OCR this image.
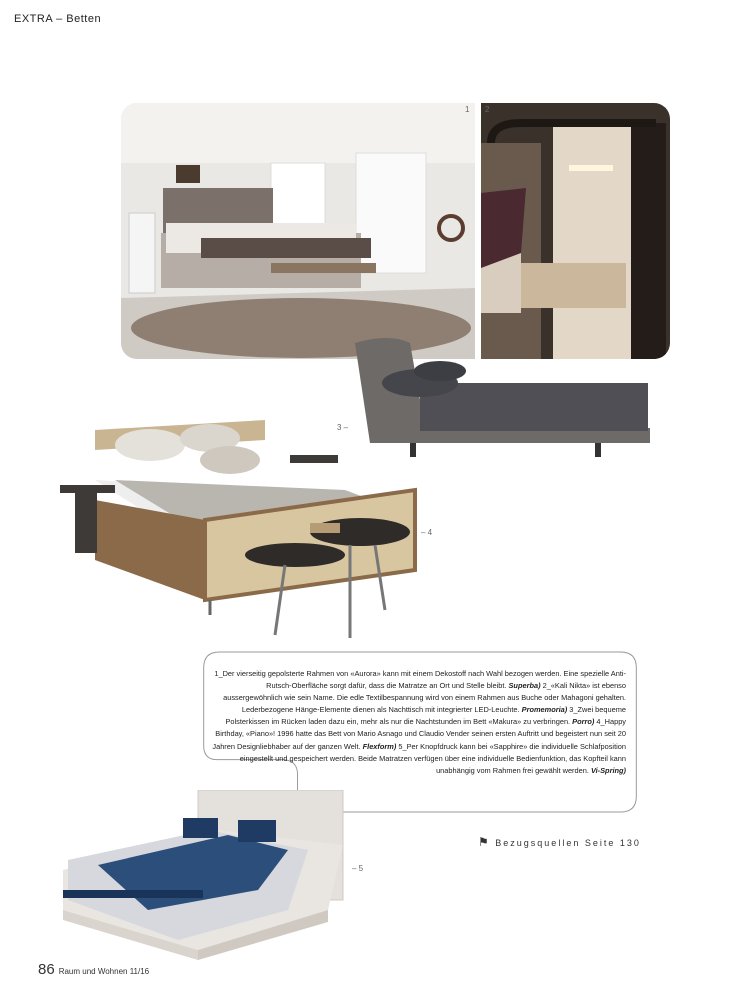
EXTRA – Betten
1 2
3 –
– 4
1_Der vierseitig gepolsterte Rahmen von «Aurora» kann mit einem Dekostoff nach Wahl bezogen werden. Eine spezielle Anti-Rutsch-Oberfläche sorgt dafür, dass die Matratze an Ort und Stelle bleibt. Superba) 2_«Kali Nikta» ist ebenso aussergewöhnlich wie sein Name. Die edle Textilbespannung wird von einem Rahmen aus Buche oder Mahagoni gehalten. Lederbezogene Hänge-Elemente dienen als Nachttisch mit integrierter LED-Leuchte. Promemoria) 3_Zwei bequeme Polsterkissen im Rücken laden dazu ein, mehr als nur die Nachtstunden im Bett «Makura» zu verbringen. Porro) 4_Happy Birthday, «Piano»! 1996 hatte das Bett von Mario Asnago und Claudio Vender seinen ersten Auftritt und begeistert nun seit 20 Jahren Designliebhaber auf der ganzen Welt. Flexform) 5_Per Knopfdruck kann bei «Sapphire» die individuelle Schlafposition eingestellt und gespeichert werden. Beide Matratzen verfügen über eine individuelle Bedienfunktion, das Kopfteil kann unabhängig vom Rahmen frei gewählt werden. Vi-Spring)
⚑ Bezugsquellen Seite 130
– 5
86 Raum und Wohnen 11/16
